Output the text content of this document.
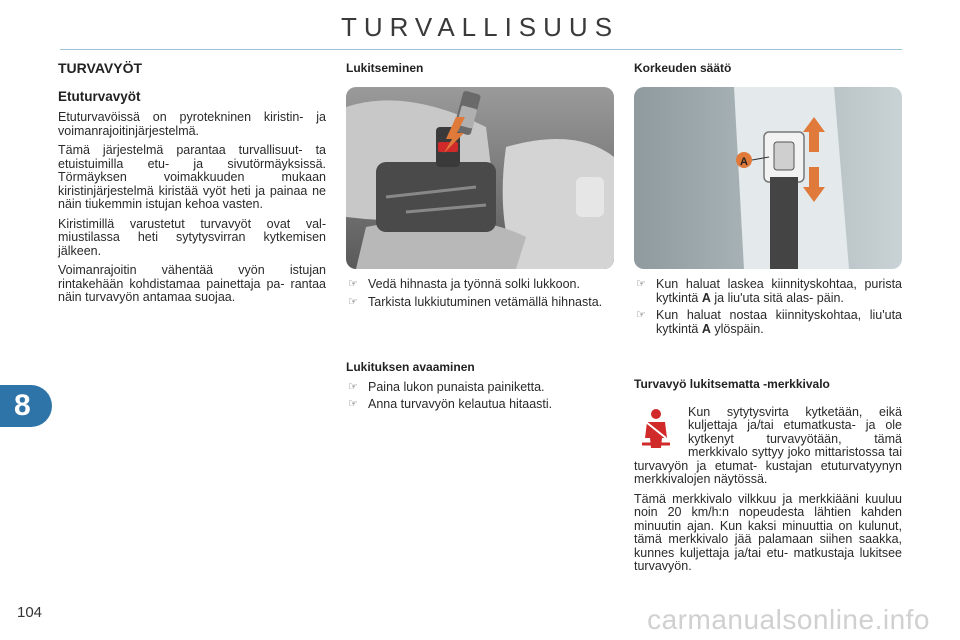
TURVALLISUUS
8
104	carmanualsonline.info
TURVAVYÖT
Etuturvavyöt

Etuturvavöissä on pyrotekninen kiristin- ja voimanrajoitinjärjestelmä.

Tämä järjestelmä parantaa turvallisuut- ta etuistuimilla etu- ja sivutörmäyksissä. Törmäyksen voimakkuuden mukaan kiristinjärjestelmä kiristää vyöt heti ja painaa ne näin tiukemmin istujan kehoa vasten.

Kiristimillä varustetut turvavyöt ovat val- miustilassa heti sytytysvirran kytkemisen jälkeen.

Voimanrajoitin vähentää vyön istujan rintakehään kohdistamaa painettaja pa- rantaa näin turvavyön antamaa suojaa.

Lukitseminen
☞ Vedä hihnasta ja työnnä solki lukkoon.
☞ Tarkista lukkiutuminen vetämällä hihnasta.
Lukituksen avaaminen
☞ Paina lukon punaista painiketta.
☞ Anna turvavyön kelautua hitaasti.
Korkeuden säätö
A
☞ Kun haluat laskea kiinnityskohtaa, purista kytkintä A ja liu'uta sitä alas- päin.
☞ Kun haluat nostaa kiinnityskohtaa, liu'uta kytkintä A ylöspäin.
Turvavyö lukitsematta -merkkivalo

Kun sytytysvirta kytketään, eikä kuljettaja ja/tai etumatkusta- ja ole kytkenyt turvavyötään, tämä merkkivalo syttyy joko mittaristossa tai turvavyön ja etumat- kustajan etuturvatyynyn merkkivalojen näytössä.

Tämä merkkivalo vilkkuu ja merkkiääni kuuluu noin 20 km/h:n nopeudesta lähtien kahden minuutin ajan. Kun kaksi minuuttia on kulunut, tämä merkkivalo jää palamaan siihen saakka, kunnes kuljettaja ja/tai etu- matkustaja lukitsee turvavyön.
